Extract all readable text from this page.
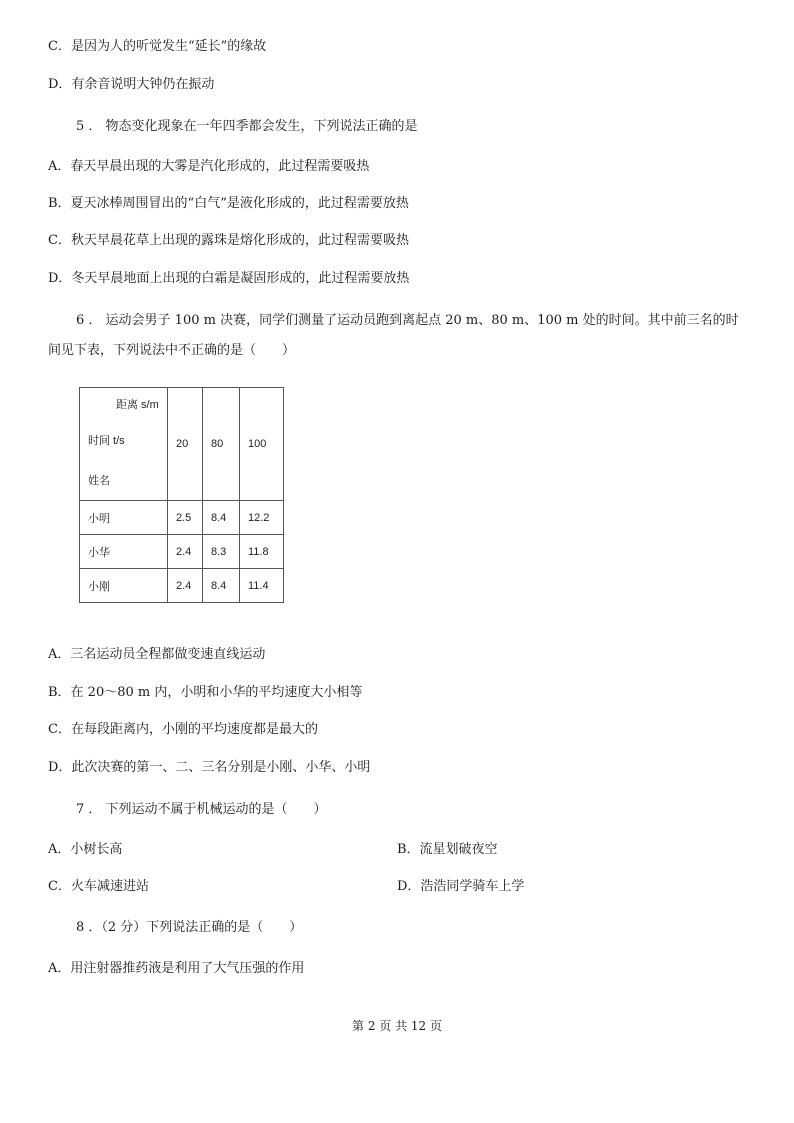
C．是因为人的听觉发生“延长”的缘故
D．有余音说明大钟仍在振动
5 ． 物态变化现象在一年四季都会发生，下列说法正确的是
A．春天早晨出现的大雾是汽化形成的，此过程需要吸热
B．夏天冰棒周围冒出的“白气”是液化形成的，此过程需要放热
C．秋天早晨花草上出现的露珠是熔化形成的，此过程需要吸热
D．冬天早晨地面上出现的白霜是凝固形成的，此过程需要放热
6 ． 运动会男子 100 m 决赛，同学们测量了运动员跑到离起点 20 m、80 m、100 m 处的时间。其中前三名的时
间见下表，下列说法中不正确的是（　　）
距离 s/m
时间 t/s
姓名	20	80	100
小明	2.5	8.4	12.2
小华	2.4	8.3	11.8
小刚	2.4	8.4	11.4
A．三名运动员全程都做变速直线运动
B．在 20～80 m 内，小明和小华的平均速度大小相等
C．在每段距离内，小刚的平均速度都是最大的
D．此次决赛的第一、二、三名分别是小刚、小华、小明
7 ． 下列运动不属于机械运动的是（　　）
A．小树长高	B．流星划破夜空
C．火车减速进站	D．浩浩同学骑车上学
8 ．（2 分）下列说法正确的是（　　）
A．用注射器推药液是利用了大气压强的作用
第 2 页 共 12 页
